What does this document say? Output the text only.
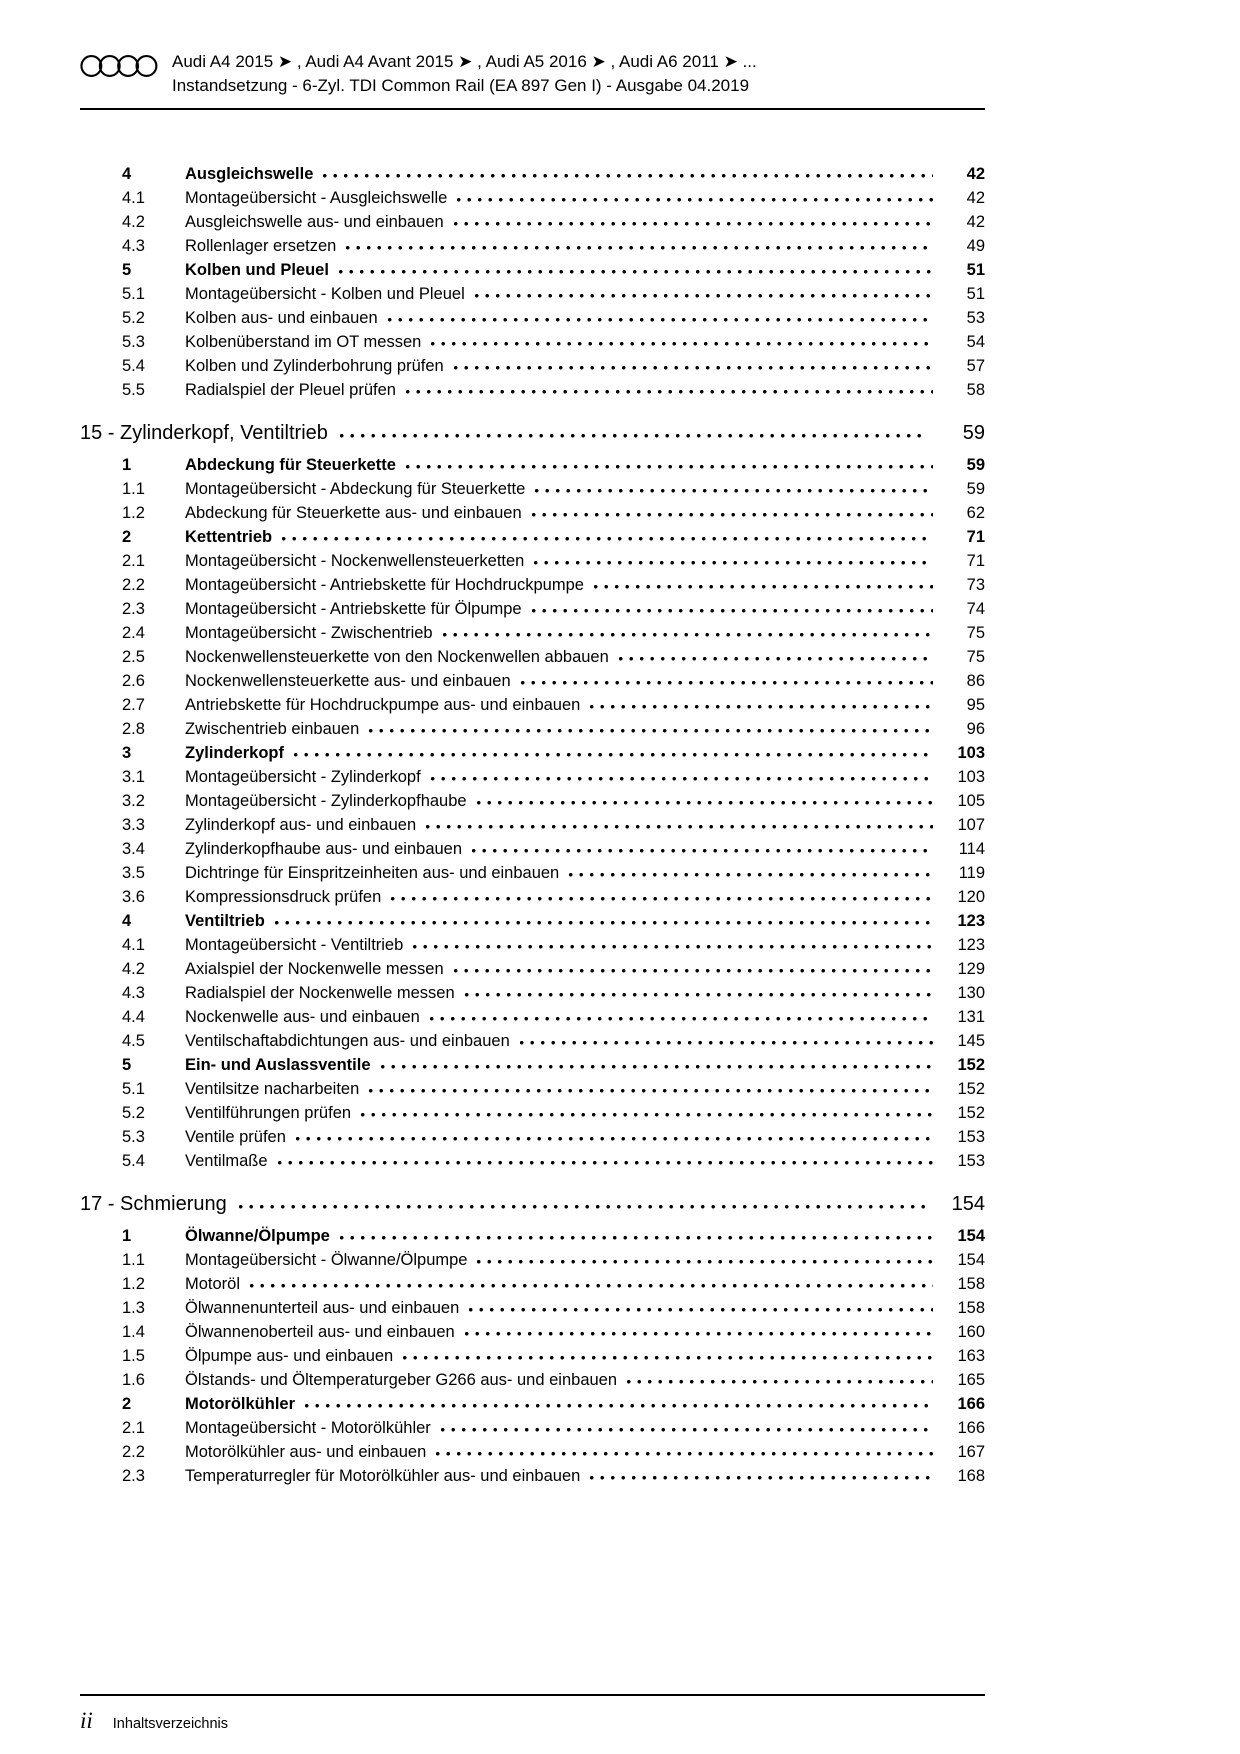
Audi A4 2015 ➤ , Audi A4 Avant 2015 ➤ , Audi A5 2016 ➤ , Audi A6 2011 ➤ ...
Instandsetzung - 6-Zyl. TDI Common Rail (EA 897 Gen I) - Ausgabe 04.2019
4	Ausgleichswelle	42
4.1	Montageübersicht - Ausgleichswelle	42
4.2	Ausgleichswelle aus- und einbauen	42
4.3	Rollenlager ersetzen	49
5	Kolben und Pleuel	51
5.1	Montageübersicht - Kolben und Pleuel	51
5.2	Kolben aus- und einbauen	53
5.3	Kolbenüberstand im OT messen	54
5.4	Kolben und Zylinderbohrung prüfen	57
5.5	Radialspiel der Pleuel prüfen	58
15 - Zylinderkopf, Ventiltrieb	59
1	Abdeckung für Steuerkette	59
1.1	Montageübersicht - Abdeckung für Steuerkette	59
1.2	Abdeckung für Steuerkette aus- und einbauen	62
2	Kettentrieb	71
2.1	Montageübersicht - Nockenwellensteuerketten	71
2.2	Montageübersicht - Antriebskette für Hochdruckpumpe	73
2.3	Montageübersicht - Antriebskette für Ölpumpe	74
2.4	Montageübersicht - Zwischentrieb	75
2.5	Nockenwellensteuerkette von den Nockenwellen abbauen	75
2.6	Nockenwellensteuerkette aus- und einbauen	86
2.7	Antriebskette für Hochdruckpumpe aus- und einbauen	95
2.8	Zwischentrieb einbauen	96
3	Zylinderkopf	103
3.1	Montageübersicht - Zylinderkopf	103
3.2	Montageübersicht - Zylinderkopfhaube	105
3.3	Zylinderkopf aus- und einbauen	107
3.4	Zylinderkopfhaube aus- und einbauen	114
3.5	Dichtringe für Einspritzeinheiten aus- und einbauen	119
3.6	Kompressionsdruck prüfen	120
4	Ventiltrieb	123
4.1	Montageübersicht - Ventiltrieb	123
4.2	Axialspiel der Nockenwelle messen	129
4.3	Radialspiel der Nockenwelle messen	130
4.4	Nockenwelle aus- und einbauen	131
4.5	Ventilschaftabdichtungen aus- und einbauen	145
5	Ein- und Auslassventile	152
5.1	Ventilsitze nacharbeiten	152
5.2	Ventilführungen prüfen	152
5.3	Ventile prüfen	153
5.4	Ventilmaße	153
17 - Schmierung	154
1	Ölwanne/Ölpumpe	154
1.1	Montageübersicht - Ölwanne/Ölpumpe	154
1.2	Motoröl	158
1.3	Ölwannenunterteil aus- und einbauen	158
1.4	Ölwannenoberteil aus- und einbauen	160
1.5	Ölpumpe aus- und einbauen	163
1.6	Ölstands- und Öltemperaturgeber G266 aus- und einbauen	165
2	Motorölkühler	166
2.1	Montageübersicht - Motorölkühler	166
2.2	Motorölkühler aus- und einbauen	167
2.3	Temperaturregler für Motorölkühler aus- und einbauen	168
ii Inhaltsverzeichnis
